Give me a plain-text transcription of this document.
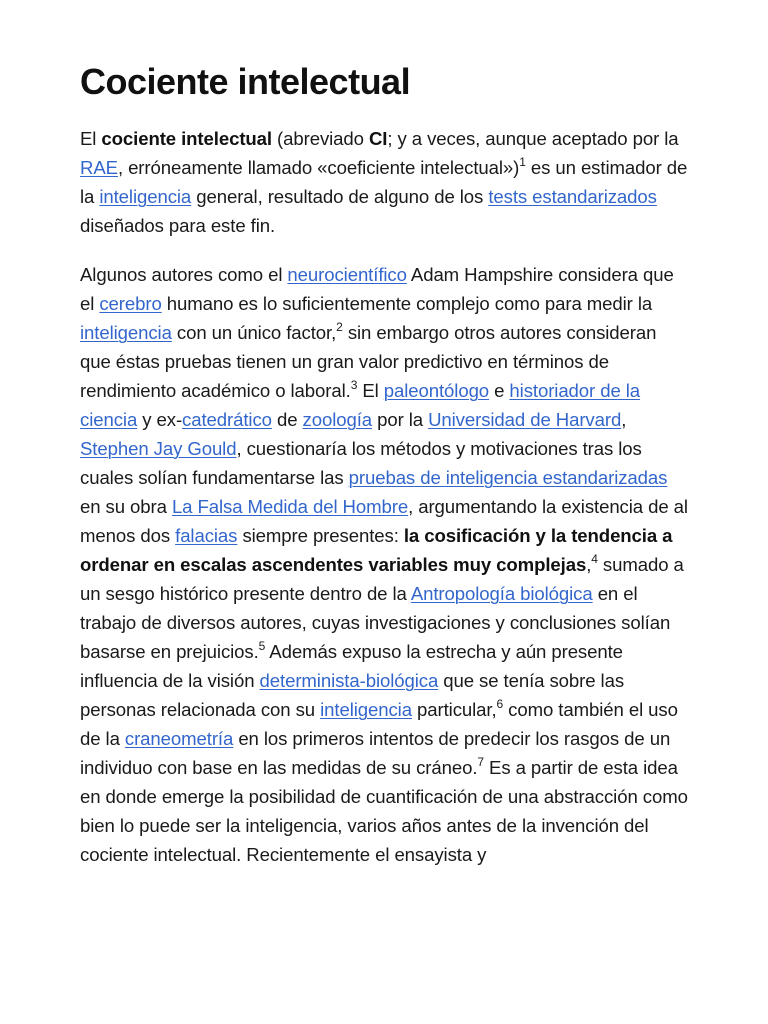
Cociente intelectual

El cociente intelectual (abreviado CI; y a veces, aunque aceptado por la RAE, erróneamente llamado «coeficiente intelectual»)$^1$ es un estimador de la inteligencia general, resultado de alguno de los tests estandarizados diseñados para este fin.

Algunos autores como el neurocientífico Adam Hampshire considera que el cerebro humano es lo suficientemente complejo como para medir la inteligencia con un único factor,$^2$ sin embargo otros autores consideran que éstas pruebas tienen un gran valor predictivo en términos de rendimiento académico o laboral.$^3$ El paleontólogo e historiador de la ciencia y ex-catedrático de zoología por la Universidad de Harvard, Stephen Jay Gould, cuestionaría los métodos y motivaciones tras los cuales solían fundamentarse las pruebas de inteligencia estandarizadas en su obra La Falsa Medida del Hombre, argumentando la existencia de al menos dos falacias siempre presentes: la cosificación y la tendencia a ordenar en escalas ascendentes variables muy complejas,$^4$ sumado a un sesgo histórico presente dentro de la Antropología biológica en el trabajo de diversos autores, cuyas investigaciones y conclusiones solían basarse en prejuicios.$^5$ Además expuso la estrecha y aún presente influencia de la visión determinista-biológica que se tenía sobre las personas relacionada con su inteligencia particular,$^6$ como también el uso de la craneometría en los primeros intentos de predecir los rasgos de un individuo con base en las medidas de su cráneo.$^7$ Es a partir de esta idea en donde emerge la posibilidad de cuantificación de una abstracción como bien lo puede ser la inteligencia, varios años antes de la invención del cociente intelectual. Recientemente el ensayista y
